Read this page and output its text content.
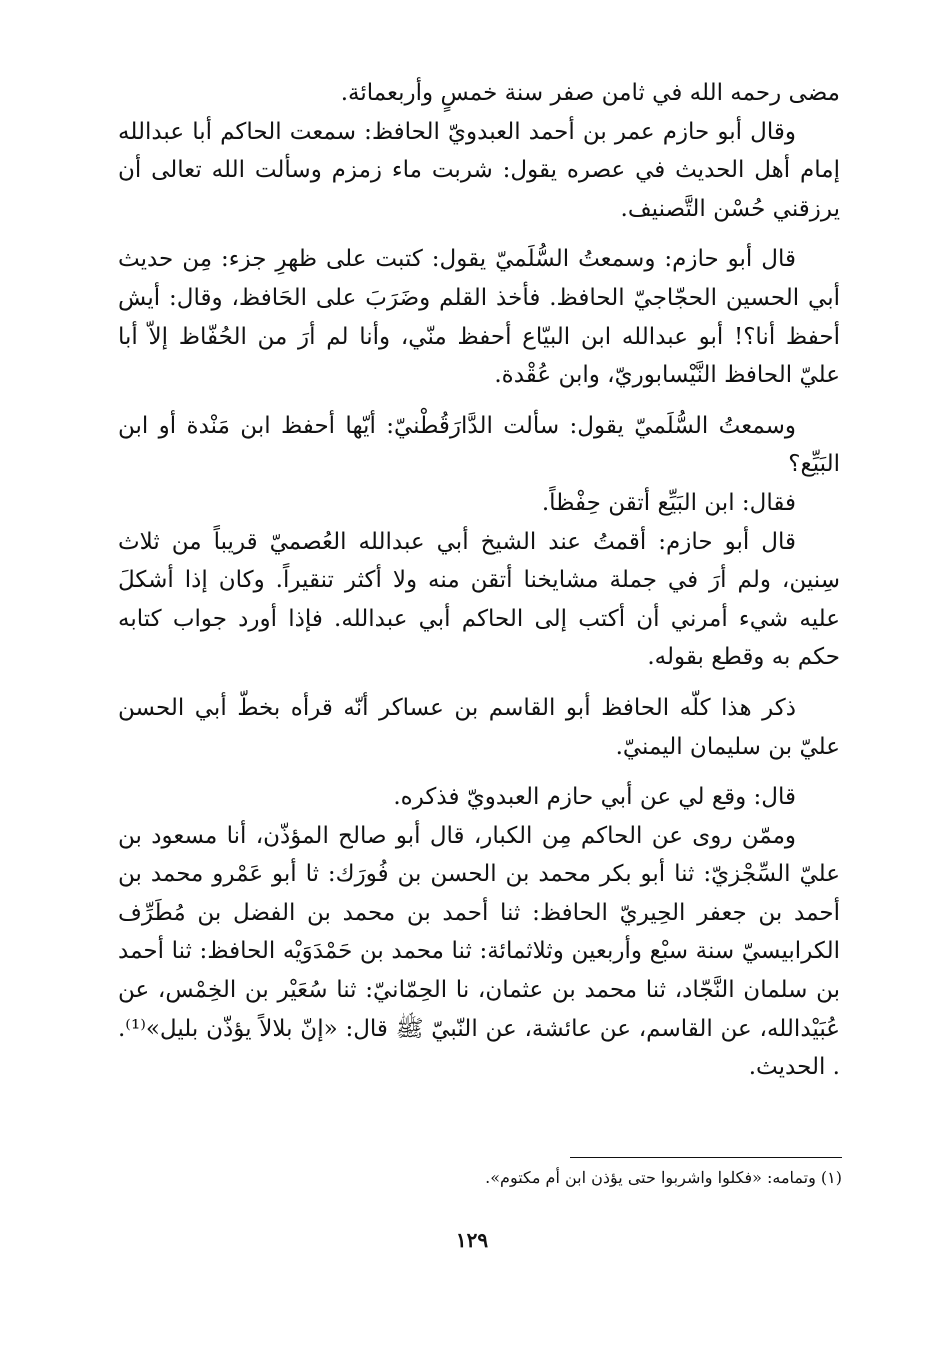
مضى رحمه الله في ثامن صفر سنة خمسٍ وأربعمائة.

وقال أبو حازم عمر بن أحمد العبدويّ الحافظ: سمعت الحاكم أبا عبدالله إمام أهل الحديث في عصره يقول: شربت ماء زمزم وسألت الله تعالى أن يرزقني حُسْن التَّصنيف.

قال أبو حازم: وسمعتُ السُّلَميّ يقول: كتبت على ظهرِ جزء: مِن حديث أبي الحسين الحجّاجيّ الحافظ. فأخذ القلم وضَرَبَ على الحَافظ، وقال: أيش أحفظ أنا؟! أبو عبدالله ابن البيّاع أحفظ منّي، وأنا لم أرَ من الحُفّاظ إلاّ أبا عليّ الحافظ النَّيْسابوريّ، وابن عُقْدة.

وسمعتُ السُّلَميّ يقول: سألت الدَّارَقُطْنيّ: أيّها أحفظ ابن مَنْدة أو ابن البَيِّع؟

فقال: ابن البَيِّع أتقن حِفْظاً.

قال أبو حازم: أقمتُ عند الشيخ أبي عبدالله العُصميّ قريباً من ثلاث سِنين، ولم أرَ في جملة مشايخنا أتقن منه ولا أكثر تنقيراً. وكان إذا أشكلَ عليه شيء أمرني أن أكتب إلى الحاكم أبي عبدالله. فإذا أورد جواب كتابه حكم به وقطع بقوله.

ذكر هذا كلّه الحافظ أبو القاسم بن عساكر أنّه قرأه بخطّ أبي الحسن عليّ بن سليمان اليمنيّ.

قال: وقع لي عن أبي حازم العبدويّ فذكره.

وممّن روى عن الحاكم مِن الكبار، قال أبو صالح المؤذّن، أنا مسعود بن عليّ السِّجْزيّ: ثنا أبو بكر محمد بن الحسن بن فُورَك: ثا أبو عَمْرو محمد بن أحمد بن جعفر الحِيريّ الحافظ: ثنا أحمد بن محمد بن الفضل بن مُطَرِّف الكرابيسيّ سنة سبْع وأربعين وثلاثمائة: ثنا محمد بن حَمْدَوَيْه الحافظ: ثنا أحمد بن سلمان النَّجّاد، ثنا محمد بن عثمان، نا الحِمّانيّ: ثنا سُعَيْر بن الخِمْس، عن عُبَيْدالله، عن القاسم، عن عائشة، عن النّبيّ ﷺ قال: «إنّ بلالاً يؤذّن بليل»⁽¹⁾. . الحديث.

(١) وتمامه: «فكلوا واشربوا حتى يؤذن ابن أم مكتوم».
١٢٩
